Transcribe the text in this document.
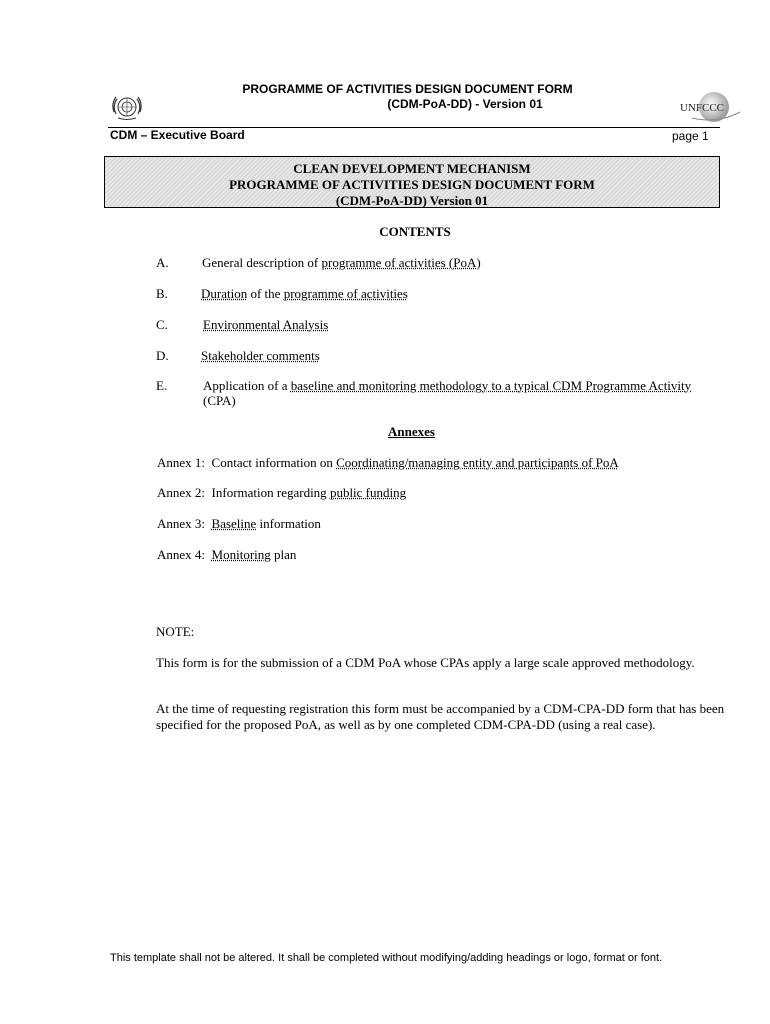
PROGRAMME OF ACTIVITIES DESIGN DOCUMENT FORM
(CDM-PoA-DD) - Version 01	UNFCCC
CDM – Executive Board	page 1
CLEAN DEVELOPMENT MECHANISM
PROGRAMME OF ACTIVITIES DESIGN DOCUMENT FORM
(CDM-PoA-DD) Version 01
CONTENTS
A.	General description of programme of activities (PoA)
B.	Duration of the programme of activities
C.	Environmental Analysis
D. Stakeholder comments
E.	Application of a baseline and monitoring methodology to a typical CDM Programme Activity (CPA)
Annexes
Annex 1: Contact information on Coordinating/managing entity and participants of PoA
Annex 2: Information regarding public funding
Annex 3: Baseline information
Annex 4: Monitoring plan
NOTE:
This form is for the submission of a CDM PoA whose CPAs apply a large scale approved methodology.
At the time of requesting registration this form must be accompanied by a CDM-CPA-DD form that has been specified for the proposed PoA, as well as by one completed CDM-CPA-DD (using a real case).
This template shall not be altered. It shall be completed without modifying/adding headings or logo, format or font.
